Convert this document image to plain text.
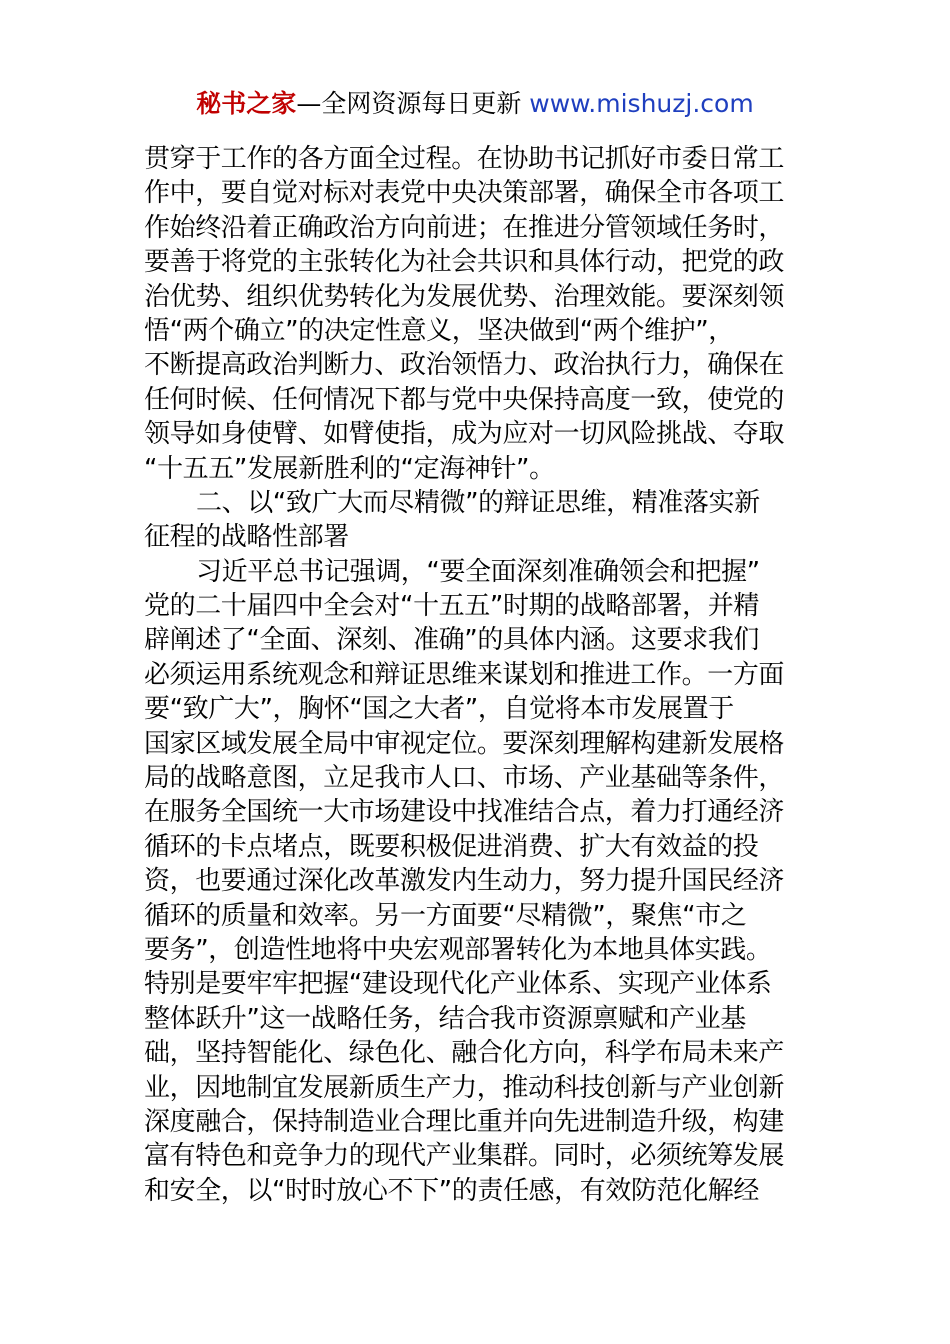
秘书之家—全网资源每日更新 www.mishuzj.com
贯穿于工作的各方面全过程。在协助书记抓好市委日常工
作中，要自觉对标对表党中央决策部署，确保全市各项工
作始终沿着正确政治方向前进；在推进分管领域任务时，
要善于将党的主张转化为社会共识和具体行动，把党的政
治优势、组织优势转化为发展优势、治理效能。要深刻领
悟“两个确立”的决定性意义，坚决做到“两个维护”，
不断提高政治判断力、政治领悟力、政治执行力，确保在
任何时候、任何情况下都与党中央保持高度一致，使党的
领导如身使臂、如臂使指，成为应对一切风险挑战、夺取
“十五五”发展新胜利的“定海神针”。
二、以“致广大而尽精微”的辩证思维，精准落实新
征程的战略性部署
习近平总书记强调，“要全面深刻准确领会和把握”
党的二十届四中全会对“十五五”时期的战略部署，并精
辟阐述了“全面、深刻、准确”的具体内涵。这要求我们
必须运用系统观念和辩证思维来谋划和推进工作。一方面
要“致广大”，胸怀“国之大者”，自觉将本市发展置于
国家区域发展全局中审视定位。要深刻理解构建新发展格
局的战略意图，立足我市人口、市场、产业基础等条件，
在服务全国统一大市场建设中找准结合点，着力打通经济
循环的卡点堵点，既要积极促进消费、扩大有效益的投
资，也要通过深化改革激发内生动力，努力提升国民经济
循环的质量和效率。另一方面要“尽精微”，聚焦“市之
要务”，创造性地将中央宏观部署转化为本地具体实践。
特别是要牢牢把握“建设现代化产业体系、实现产业体系
整体跃升”这一战略任务，结合我市资源禀赋和产业基
础，坚持智能化、绿色化、融合化方向，科学布局未来产
业，因地制宜发展新质生产力，推动科技创新与产业创新
深度融合，保持制造业合理比重并向先进制造升级，构建
富有特色和竞争力的现代产业集群。同时，必须统筹发展
和安全，以“时时放心不下”的责任感，有效防范化解经
